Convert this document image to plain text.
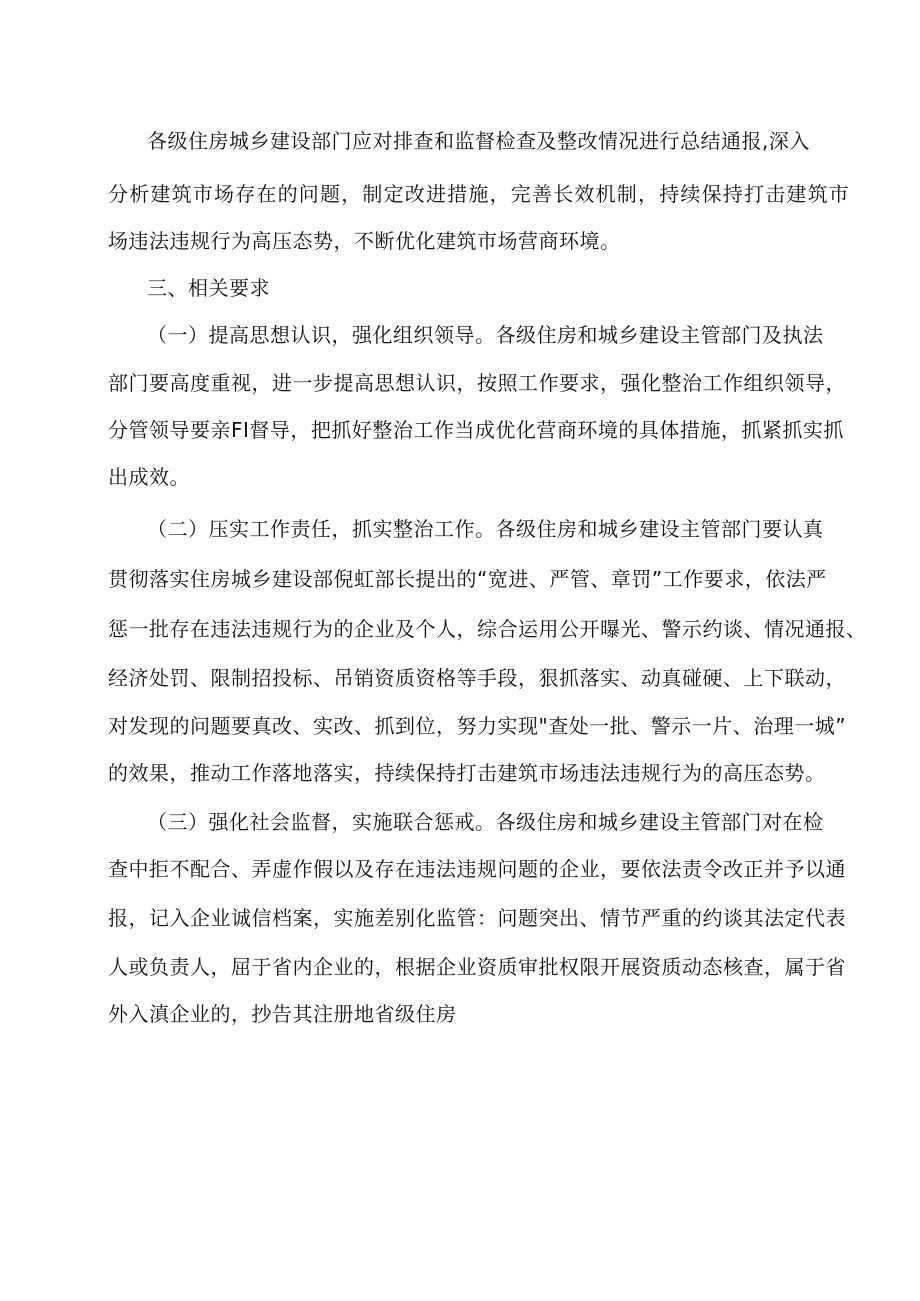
各级住房城乡建设部门应对排查和监督检查及整改情况进行总结通报,深入
分析建筑市场存在的问题，制定改进措施，完善长效机制，持续保持打击建筑市
场违法违规行为高压态势，不断优化建筑市场营商环境。
三、相关要求
（一）提高思想认识，强化组织领导。各级住房和城乡建设主管部门及执法
部门要高度重视，进一步提高思想认识，按照工作要求，强化整治工作组织领导，
分管领导要亲FI督导，把抓好整治工作当成优化营商环境的具体措施，抓紧抓实抓
出成效。
（二）压实工作责任，抓实整治工作。各级住房和城乡建设主管部门要认真
贯彻落实住房城乡建设部倪虹部长提出的“宽进、严管、章罚”工作要求，依法严
惩一批存在违法违规行为的企业及个人，综合运用公开曝光、警示约谈、情况通报、
经济处罚、限制招投标、吊销资质资格等手段，狠抓落实、动真碰硬、上下联动，
对发现的问题要真改、实改、抓到位，努力实现"查处一批、警示一片、治理一城”
的效果，推动工作落地落实，持续保持打击建筑市场违法违规行为的高压态势。
（三）强化社会监督，实施联合惩戒。各级住房和城乡建设主管部门对在检
查中拒不配合、弄虚作假以及存在违法违规问题的企业，要依法责令改正并予以通
报，记入企业诚信档案，实施差别化监管：问题突出、情节严重的约谈其法定代表
人或负责人，屈于省内企业的，根据企业资质审批权限开展资质动态核查，属于省
外入滇企业的，抄告其注册地省级住房
